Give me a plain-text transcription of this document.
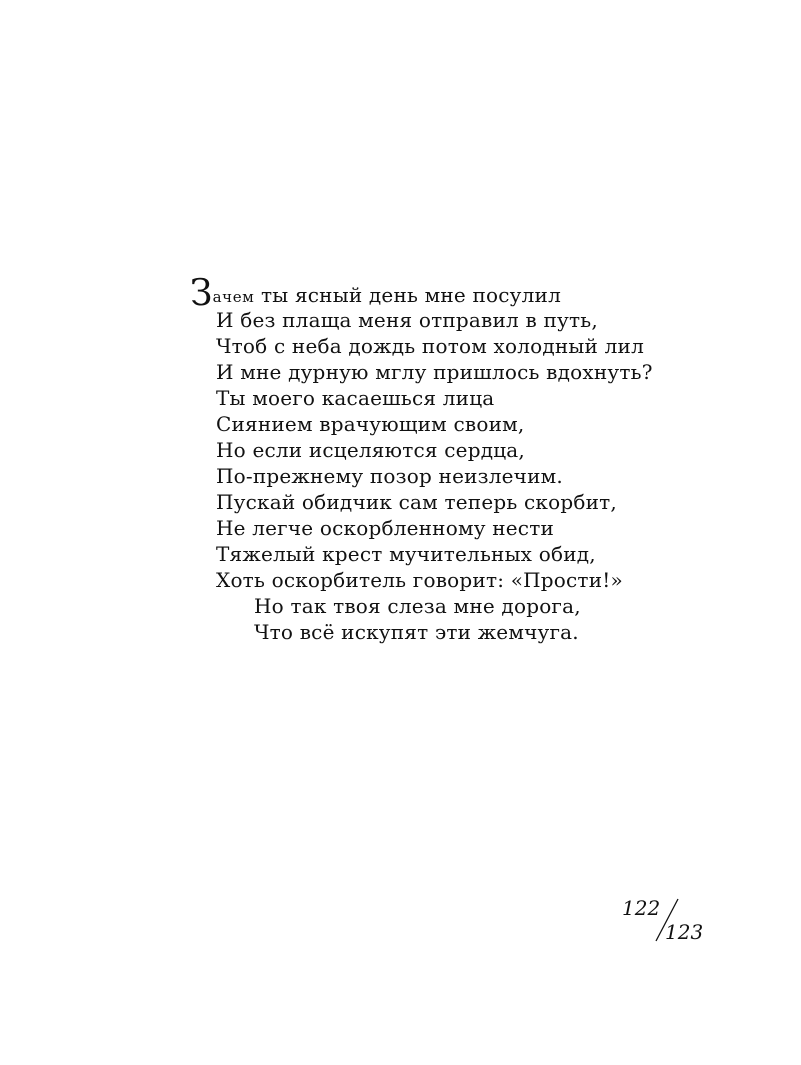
Зачем ты ясный день мне посулил
И без плаща меня отправил в путь,
Чтоб с неба дождь потом холодный лил
И мне дурную мглу пришлось вдохнуть?
Ты моего касаешься лица
Сиянием врачующим своим,
Но если исцеляются сердца,
По-прежнему позор неизлечим.
Пускай обидчик сам теперь скорбит,
Не легче оскорбленному нести
Тяжелый крест мучительных обид,
Хоть оскорбитель говорит: «Прости!»
Но так твоя слеза мне дорога,
Что всё искупят эти жемчуга.
122
123
